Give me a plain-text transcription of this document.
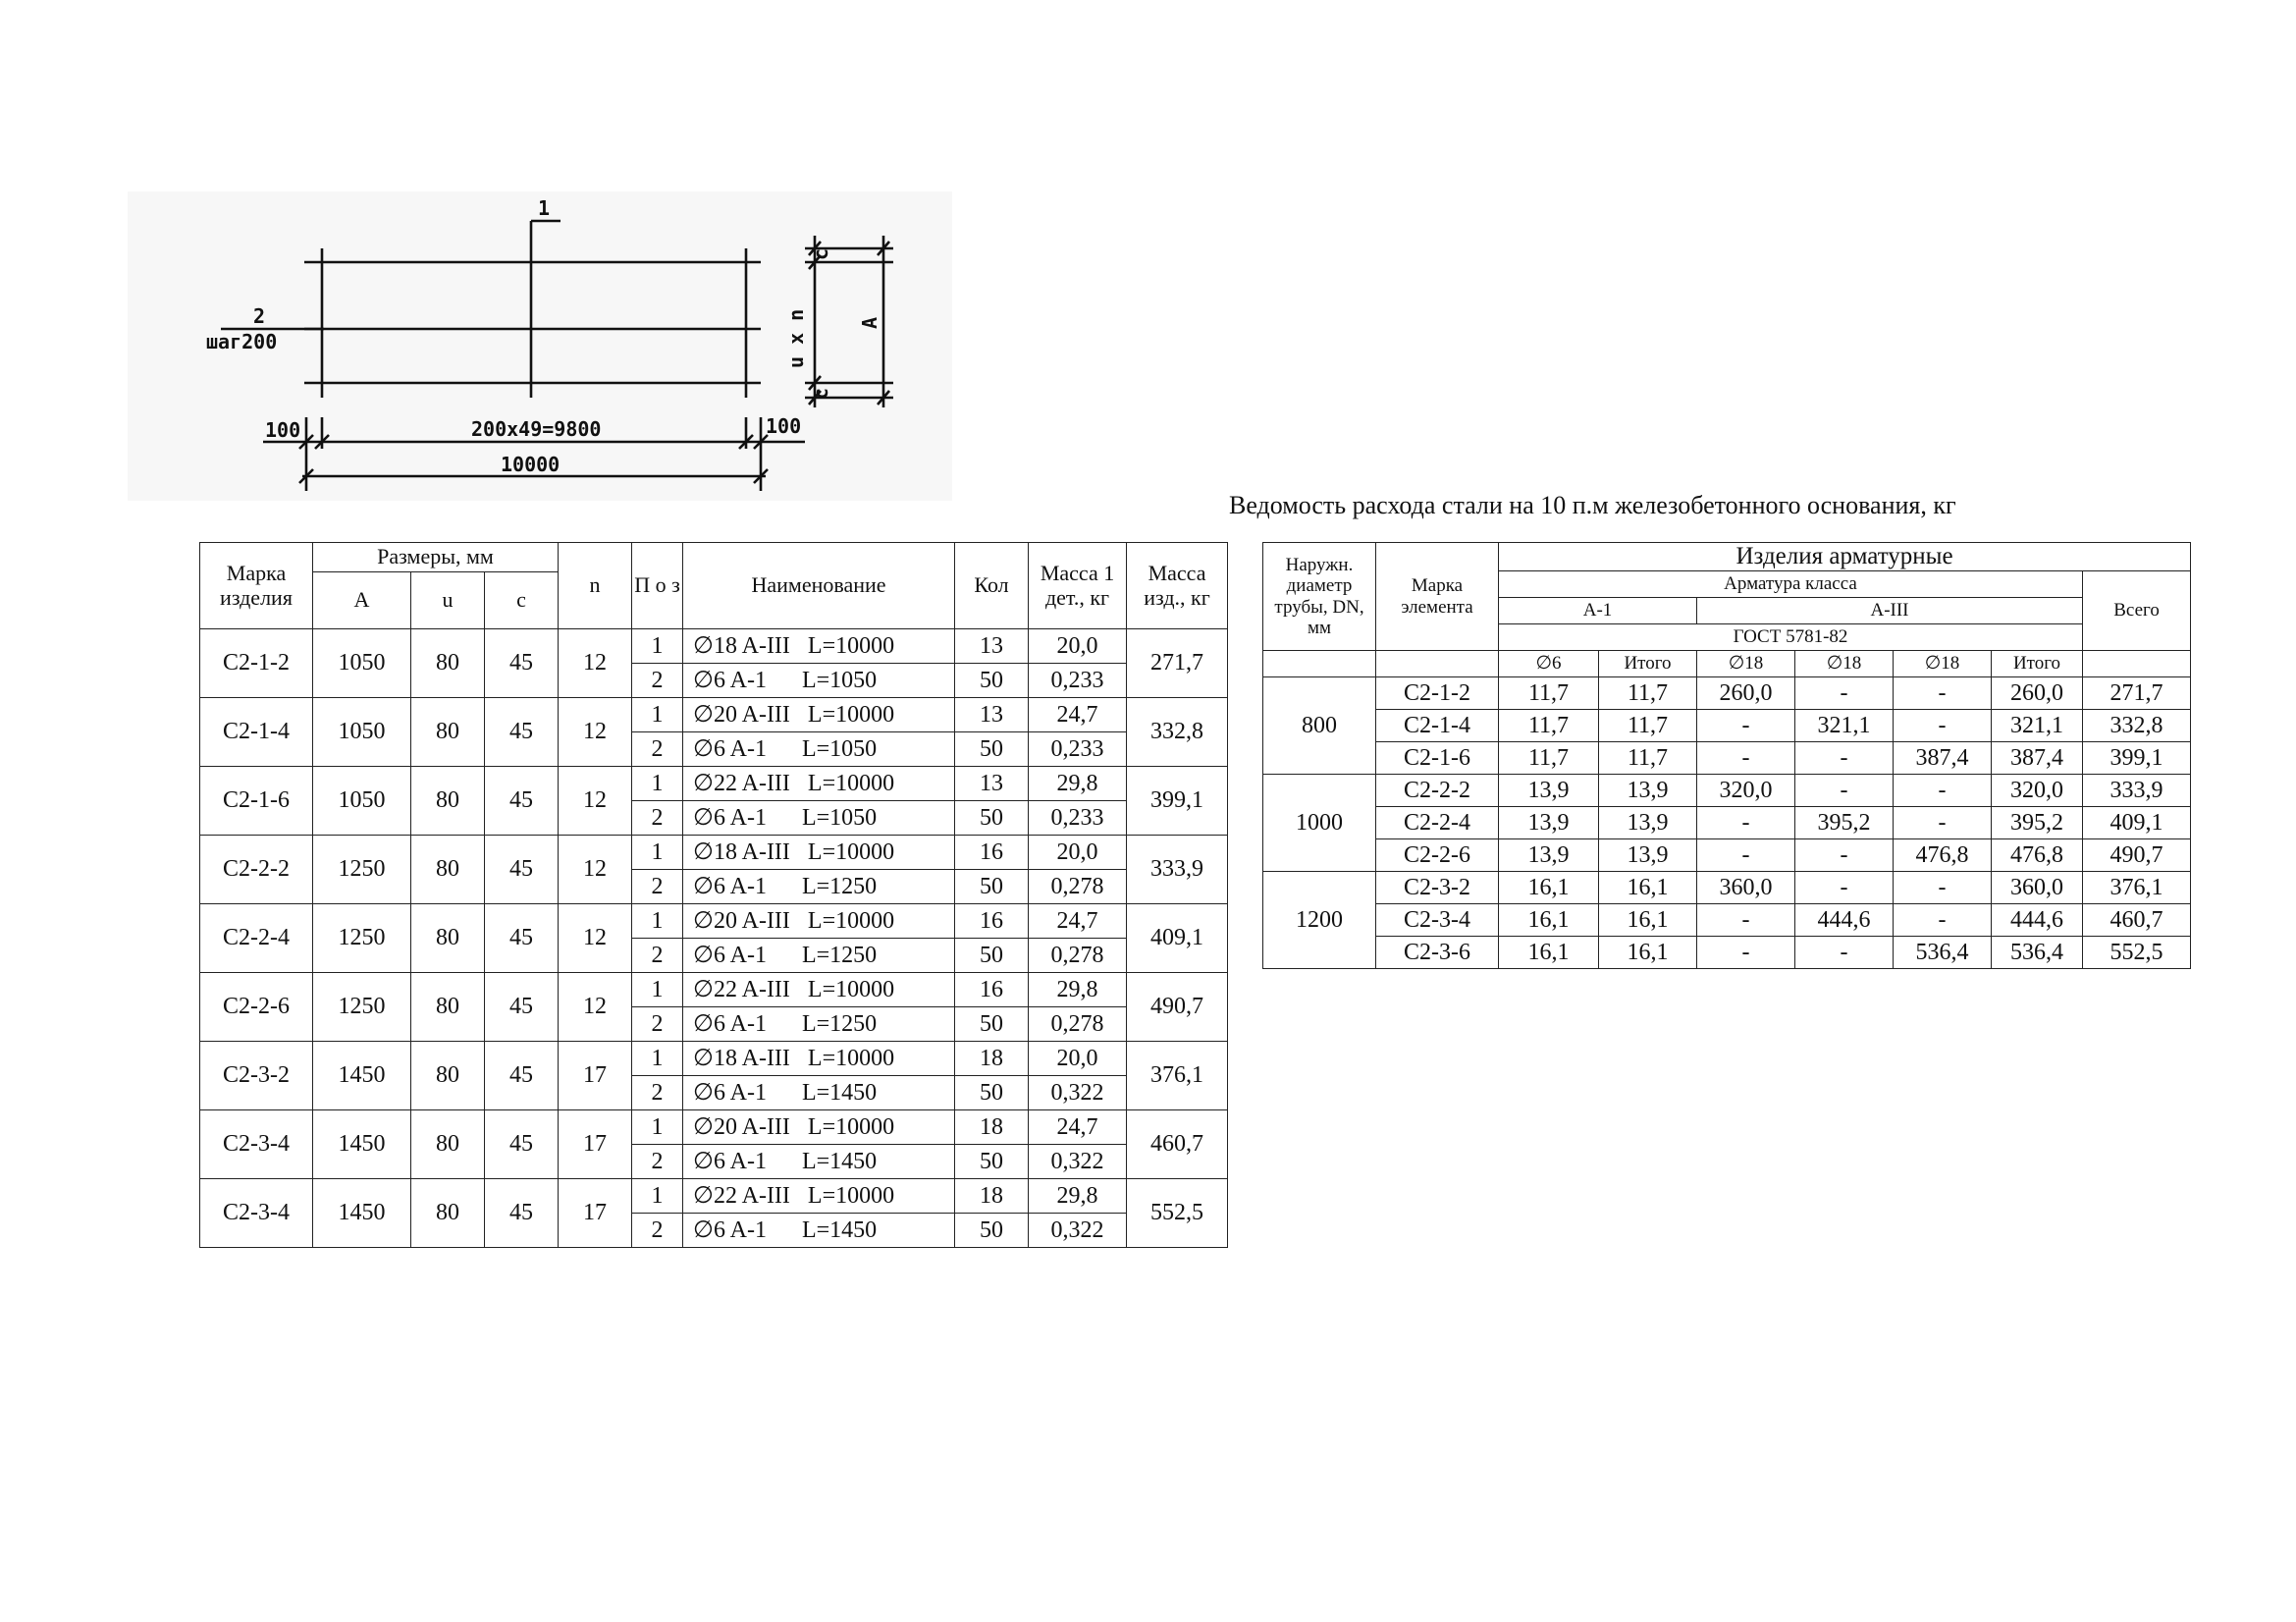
1
2
шаг200
100	100
200х49=9800
10000
c
u x n
c
A
Ведомость расхода стали на 10 п.м железобетонного основания, кг
Марка изделия	Размеры, мм			n	П о з	Наименование	Кол	Масса 1 дет., кг	Масса изд., кг
	A	u	c						
С2-1-2	1050	80	45	12	1	∅18 A-III   L=10000	13	20,0	271,7
					2	∅6 A-1      L=1050	50	0,233	
С2-1-4	1050	80	45	12	1	∅20 A-III   L=10000	13	24,7	332,8
					2	∅6 A-1      L=1050	50	0,233	
С2-1-6	1050	80	45	12	1	∅22 A-III   L=10000	13	29,8	399,1
					2	∅6 A-1      L=1050	50	0,233	
С2-2-2	1250	80	45	12	1	∅18 A-III   L=10000	16	20,0	333,9
					2	∅6 A-1      L=1250	50	0,278	
С2-2-4	1250	80	45	12	1	∅20 A-III   L=10000	16	24,7	409,1
					2	∅6 A-1      L=1250	50	0,278	
С2-2-6	1250	80	45	12	1	∅22 A-III   L=10000	16	29,8	490,7
					2	∅6 A-1      L=1250	50	0,278	
С2-3-2	1450	80	45	17	1	∅18 A-III   L=10000	18	20,0	376,1
					2	∅6 A-1      L=1450	50	0,322	
С2-3-4	1450	80	45	17	1	∅20 A-III   L=10000	18	24,7	460,7
					2	∅6 A-1      L=1450	50	0,322	
С2-3-4	1450	80	45	17	1	∅22 A-III   L=10000	18	29,8	552,5
					2	∅6 A-1      L=1450	50	0,322	
Наружн. диаметр трубы, DN, мм	Марка элемента	Изделия арматурные						
		Арматура класса						Всего
		A-1		A-III				
		ГОСТ 5781-82						
		∅6	Итого	∅18	∅18	∅18	Итого	
800	С2-1-2	11,7	11,7	260,0	-	-	260,0	271,7
	С2-1-4	11,7	11,7	-	321,1	-	321,1	332,8
	С2-1-6	11,7	11,7	-	-	387,4	387,4	399,1
1000	С2-2-2	13,9	13,9	320,0	-	-	320,0	333,9
	С2-2-4	13,9	13,9	-	395,2	-	395,2	409,1
	С2-2-6	13,9	13,9	-	-	476,8	476,8	490,7
1200	С2-3-2	16,1	16,1	360,0	-	-	360,0	376,1
	С2-3-4	16,1	16,1	-	444,6	-	444,6	460,7
	С2-3-6	16,1	16,1	-	-	536,4	536,4	552,5
